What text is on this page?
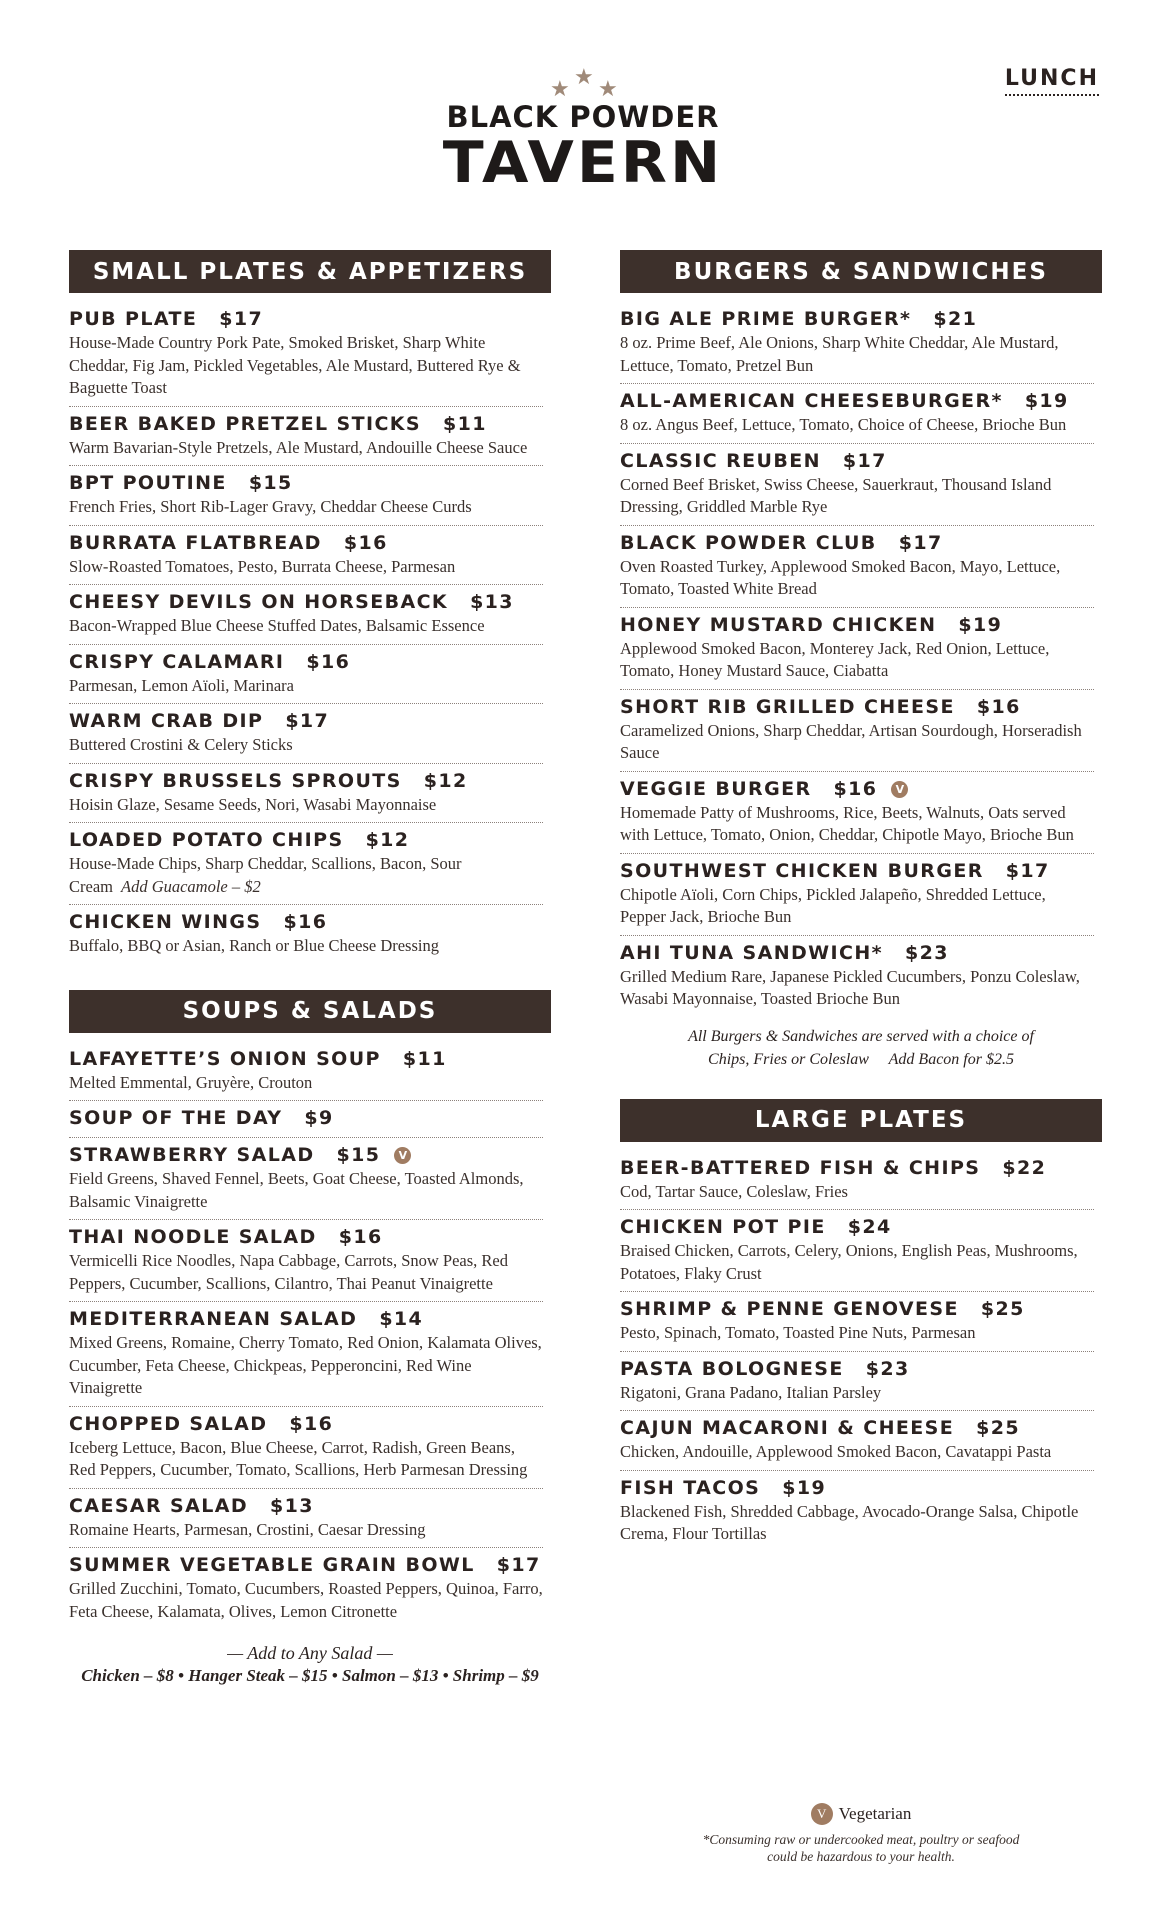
LUNCH
★ ★ ★
BLACK POWDER
TAVERN
SMALL PLATES & APPETIZERS
PUB PLATE $17
House-Made Country Pork Pate, Smoked Brisket, Sharp White Cheddar, Fig Jam, Pickled Vegetables, Ale Mustard, Buttered Rye & Baguette Toast
BEER BAKED PRETZEL STICKS $11
Warm Bavarian-Style Pretzels, Ale Mustard, Andouille Cheese Sauce
BPT POUTINE $15
French Fries, Short Rib-Lager Gravy, Cheddar Cheese Curds
BURRATA FLATBREAD $16
Slow-Roasted Tomatoes, Pesto, Burrata Cheese, Parmesan
CHEESY DEVILS ON HORSEBACK $13
Bacon-Wrapped Blue Cheese Stuffed Dates, Balsamic Essence
CRISPY CALAMARI $16
Parmesan, Lemon Aïoli, Marinara
WARM CRAB DIP $17
Buttered Crostini & Celery Sticks
CRISPY BRUSSELS SPROUTS $12
Hoisin Glaze, Sesame Seeds, Nori, Wasabi Mayonnaise
LOADED POTATO CHIPS $12
House-Made Chips, Sharp Cheddar, Scallions, Bacon, Sour Cream Add Guacamole – $2
CHICKEN WINGS $16
Buffalo, BBQ or Asian, Ranch or Blue Cheese Dressing
SOUPS & SALADS
LAFAYETTE’S ONION SOUP $11
Melted Emmental, Gruyère, Crouton
SOUP OF THE DAY $9
STRAWBERRY SALAD $15 V
Field Greens, Shaved Fennel, Beets, Goat Cheese, Toasted Almonds, Balsamic Vinaigrette
THAI NOODLE SALAD $16
Vermicelli Rice Noodles, Napa Cabbage, Carrots, Snow Peas, Red Peppers, Cucumber, Scallions, Cilantro, Thai Peanut Vinaigrette
MEDITERRANEAN SALAD $14
Mixed Greens, Romaine, Cherry Tomato, Red Onion, Kalamata Olives, Cucumber, Feta Cheese, Chickpeas, Pepperoncini, Red Wine Vinaigrette
CHOPPED SALAD $16
Iceberg Lettuce, Bacon, Blue Cheese, Carrot, Radish, Green Beans, Red Peppers, Cucumber, Tomato, Scallions, Herb Parmesan Dressing
CAESAR SALAD $13
Romaine Hearts, Parmesan, Crostini, Caesar Dressing
SUMMER VEGETABLE GRAIN BOWL $17
Grilled Zucchini, Tomato, Cucumbers, Roasted Peppers, Quinoa, Farro, Feta Cheese, Kalamata, Olives, Lemon Citronette
— Add to Any Salad —
Chicken – $8 • Hanger Steak – $15 • Salmon – $13 • Shrimp – $9
BURGERS & SANDWICHES
BIG ALE PRIME BURGER* $21
8 oz. Prime Beef, Ale Onions, Sharp White Cheddar, Ale Mustard, Lettuce, Tomato, Pretzel Bun
ALL-AMERICAN CHEESEBURGER* $19
8 oz. Angus Beef, Lettuce, Tomato, Choice of Cheese, Brioche Bun
CLASSIC REUBEN $17
Corned Beef Brisket, Swiss Cheese, Sauerkraut, Thousand Island Dressing, Griddled Marble Rye
BLACK POWDER CLUB $17
Oven Roasted Turkey, Applewood Smoked Bacon, Mayo, Lettuce, Tomato, Toasted White Bread
HONEY MUSTARD CHICKEN $19
Applewood Smoked Bacon, Monterey Jack, Red Onion, Lettuce, Tomato, Honey Mustard Sauce, Ciabatta
SHORT RIB GRILLED CHEESE $16
Caramelized Onions, Sharp Cheddar, Artisan Sourdough, Horseradish Sauce
VEGGIE BURGER $16 V
Homemade Patty of Mushrooms, Rice, Beets, Walnuts, Oats served with Lettuce, Tomato, Onion, Cheddar, Chipotle Mayo, Brioche Bun
SOUTHWEST CHICKEN BURGER $17
Chipotle Aïoli, Corn Chips, Pickled Jalapeño, Shredded Lettuce, Pepper Jack, Brioche Bun
AHI TUNA SANDWICH* $23
Grilled Medium Rare, Japanese Pickled Cucumbers, Ponzu Coleslaw, Wasabi Mayonnaise, Toasted Brioche Bun
All Burgers & Sandwiches are served with a choice of
Chips, Fries or Coleslaw     Add Bacon for $2.5
LARGE PLATES
BEER-BATTERED FISH & CHIPS $22
Cod, Tartar Sauce, Coleslaw, Fries
CHICKEN POT PIE $24
Braised Chicken, Carrots, Celery, Onions, English Peas, Mushrooms, Potatoes, Flaky Crust
SHRIMP & PENNE GENOVESE $25
Pesto, Spinach, Tomato, Toasted Pine Nuts, Parmesan
PASTA BOLOGNESE $23
Rigatoni, Grana Padano, Italian Parsley
CAJUN MACARONI & CHEESE $25
Chicken, Andouille, Applewood Smoked Bacon, Cavatappi Pasta
FISH TACOS $19
Blackened Fish, Shredded Cabbage, Avocado-Orange Salsa, Chipotle Crema, Flour Tortillas
V Vegetarian
*Consuming raw or undercooked meat, poultry or seafood
could be hazardous to your health.
